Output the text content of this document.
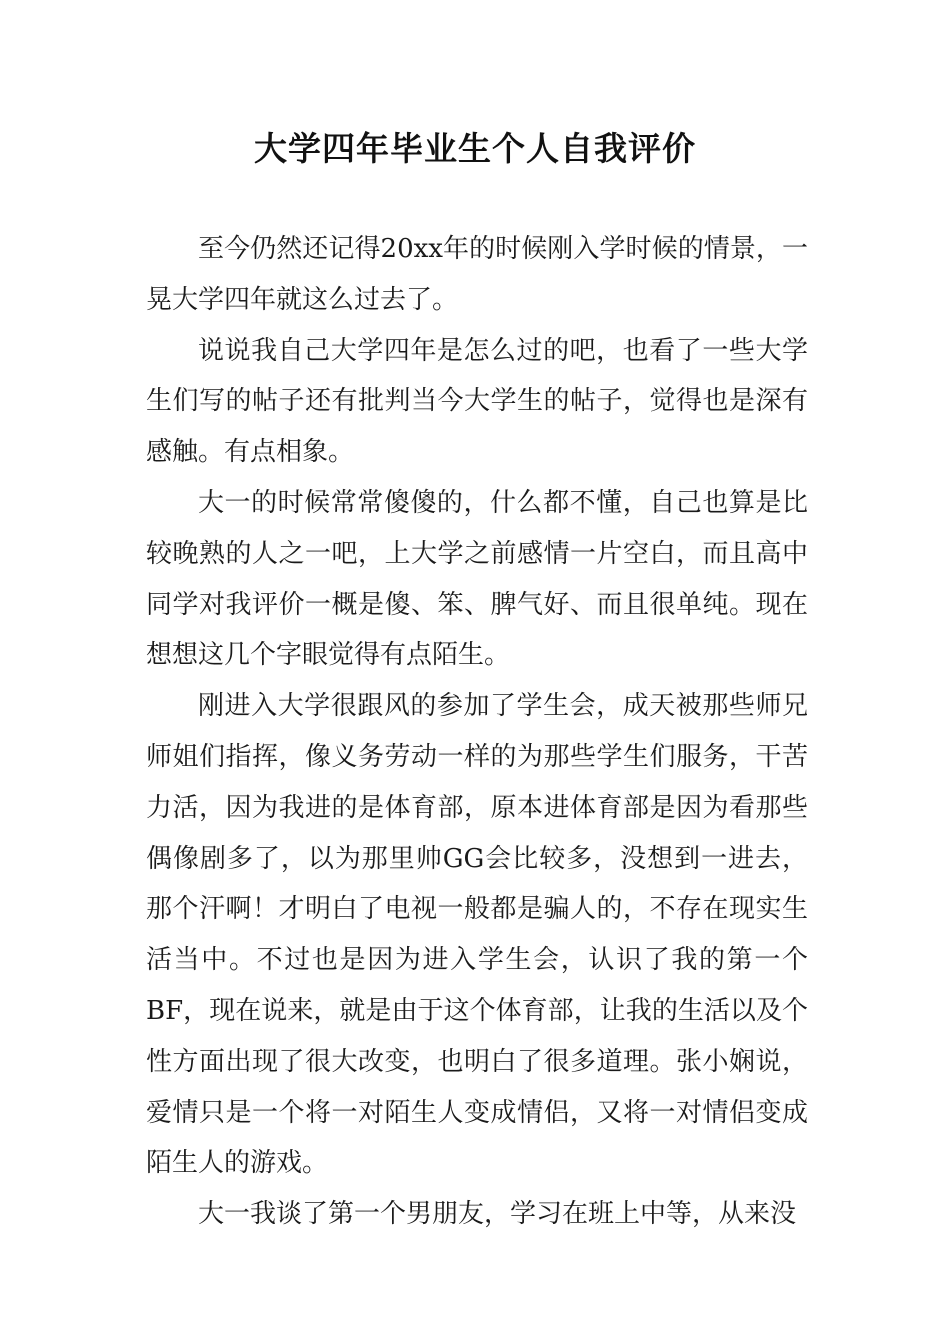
大学四年毕业生个人自我评价

至今仍然还记得20xx年的时候刚入学时候的情景，一晃大学四年就这么过去了。

说说我自己大学四年是怎么过的吧，也看了一些大学生们写的帖子还有批判当今大学生的帖子，觉得也是深有感触。有点相象。

大一的时候常常傻傻的，什么都不懂，自己也算是比较晚熟的人之一吧，上大学之前感情一片空白，而且高中同学对我评价一概是傻、笨、脾气好、而且很单纯。现在想想这几个字眼觉得有点陌生。

刚进入大学很跟风的参加了学生会，成天被那些师兄师姐们指挥，像义务劳动一样的为那些学生们服务，干苦力活，因为我进的是体育部，原本进体育部是因为看那些偶像剧多了，以为那里帅GG会比较多，没想到一进去，那个汗啊！才明白了电视一般都是骗人的，不存在现实生活当中。不过也是因为进入学生会，认识了我的第一个BF，现在说来，就是由于这个体育部，让我的生活以及个性方面出现了很大改变，也明白了很多道理。张小娴说，爱情只是一个将一对陌生人变成情侣，又将一对情侣变成陌生人的游戏。

大一我谈了第一个男朋友，学习在班上中等，从来没
